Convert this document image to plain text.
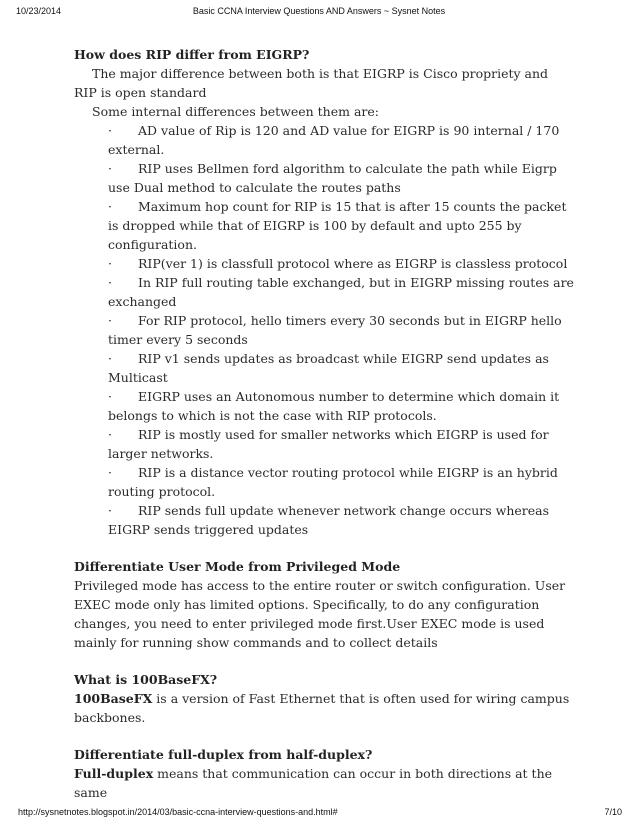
10/23/2014	Basic CCNA Interview Questions AND Answers ~ Sysnet Notes

How does RIP differ from EIGRP?

The major difference between both is that EIGRP is Cisco propriety and RIP is open standard

Some internal differences between them are:

· AD value of Rip is 120 and AD value for EIGRP is 90 internal / 170 external.

· RIP uses Bellmen ford algorithm to calculate the path while Eigrp use Dual method to calculate the routes paths

· Maximum hop count for RIP is 15 that is after 15 counts the packet is dropped while that of EIGRP is 100 by default and upto 255 by configuration.

· RIP(ver 1) is classfull protocol where as EIGRP is classless protocol

· In RIP full routing table exchanged, but in EIGRP missing routes are exchanged

· For RIP protocol, hello timers every 30 seconds but in EIGRP hello timer every 5 seconds

· RIP v1 sends updates as broadcast while EIGRP send updates as Multicast

· EIGRP uses an Autonomous number to determine which domain it belongs to which is not the case with RIP protocols.

· RIP is mostly used for smaller networks which EIGRP is used for larger networks.

· RIP is a distance vector routing protocol while EIGRP is an hybrid routing protocol.

· RIP sends full update whenever network change occurs whereas EIGRP sends triggered updates

Differentiate User Mode from Privileged Mode

Privileged mode has access to the entire router or switch configuration. User EXEC mode only has limited options. Specifically, to do any configuration changes, you need to enter privileged mode first.User EXEC mode is used mainly for running show commands and to collect details

What is 100BaseFX?

100BaseFX is a version of Fast Ethernet that is often used for wiring campus backbones.

Differentiate full-duplex from half-duplex?

Full-duplex means that communication can occur in both directions at the same

http://sysnetnotes.blogspot.in/2014/03/basic-ccna-interview-questions-and.html#	7/10
